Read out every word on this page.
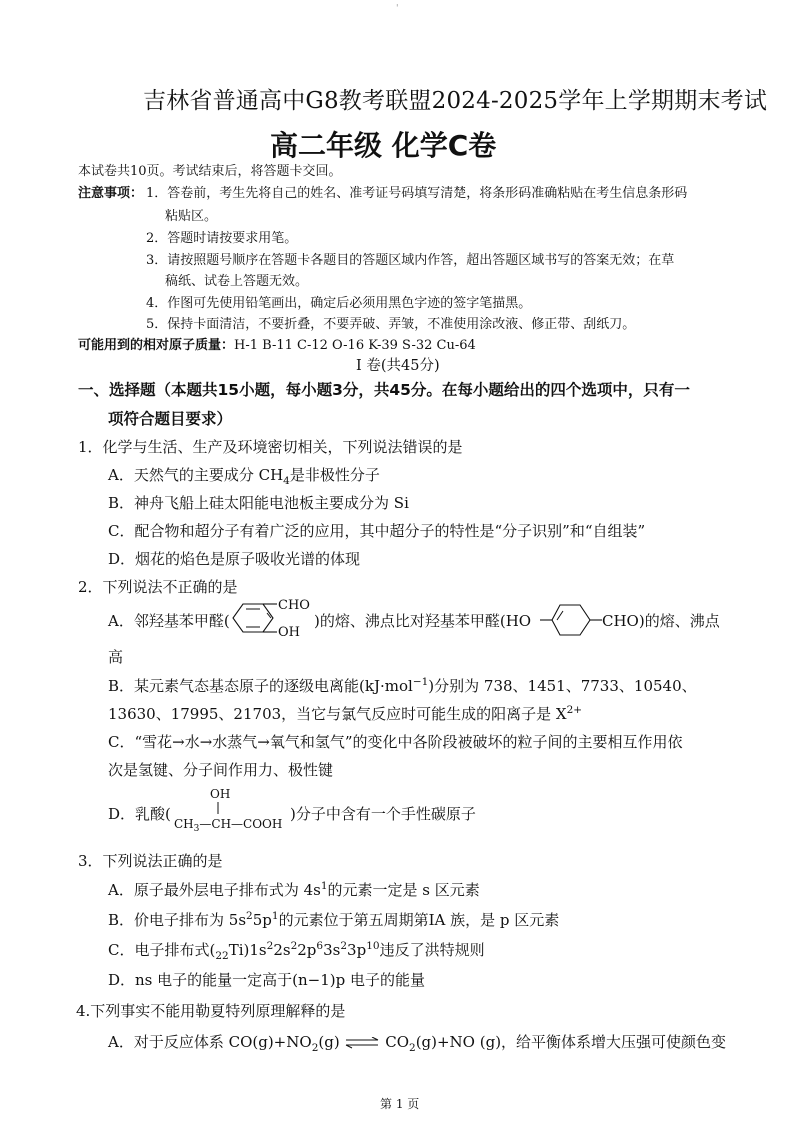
'
吉林省普通高中G8教考联盟2024-2025学年上学期期末考试
高二年级 化学C卷
本试卷共10页。考试结束后，将答题卡交回。
注意事项： 1．答卷前，考生先将自己的姓名、准考证号码填写清楚，将条形码准确粘贴在考生信息条形码
粘贴区。
2．答题时请按要求用笔。
3．请按照题号顺序在答题卡各题目的答题区域内作答，超出答题区域书写的答案无效；在草
稿纸、试卷上答题无效。
4．作图可先使用铅笔画出，确定后必须用黑色字迹的签字笔描黑。
5．保持卡面清洁，不要折叠，不要弄破、弄皱，不准使用涂改液、修正带、刮纸刀。
可能用到的相对原子质量：H-1 B-11 C-12 O-16 K-39 S-32 Cu-64
I 卷(共45分)
一、选择题（本题共15小题，每小题3分，共45分。在每小题给出的四个选项中，只有一
项符合题目要求）
1．化学与生活、生产及环境密切相关，下列说法错误的是
A．天然气的主要成分 $CH_4$是非极性分子
B．神舟飞船上硅太阳能电池板主要成分为 Si
C．配合物和超分子有着广泛的应用，其中超分子的特性是“分子识别”和“自组装”
D．烟花的焰色是原子吸收光谱的体现
2．下列说法不正确的是
A．邻羟基苯甲醛(
CHO
OH
)的熔、沸点比对羟基苯甲醛(HO	CHO)的熔、沸点
高
B．某元素气态基态原子的逐级电离能(kJ·mol$^{-1}$)分别为 738、1451、7733、10540、
13630、17995、21703，当它与氯气反应时可能生成的阳离子是 $X^{2+}$
C．“雪花→水→水蒸气→氧气和氢气”的变化中各阶段被破坏的粒子间的主要相互作用依
次是氢键、分子间作用力、极性键
D．乳酸(
OH
$CH_3—CH—COOH$
)分子中含有一个手性碳原子
3．下列说法正确的是
A．原子最外层电子排布式为 $4s^1$的元素一定是 s 区元素
B．价电子排布为 $5s^25p^1$的元素位于第五周期第IA 族，是 p 区元素
C．电子排布式$(_{22}Ti)1s^22s^22p^63s^23p^{10}$违反了洪特规则
D．ns 电子的能量一定高于(n−1)p 电子的能量
4.下列事实不能用勒夏特列原理解释的是
A．对于反应体系 $CO(g)+NO_2(g)$ ⇌ $CO_2(g)+NO$ (g)，给平衡体系增大压强可使颜色变
第 1 页
